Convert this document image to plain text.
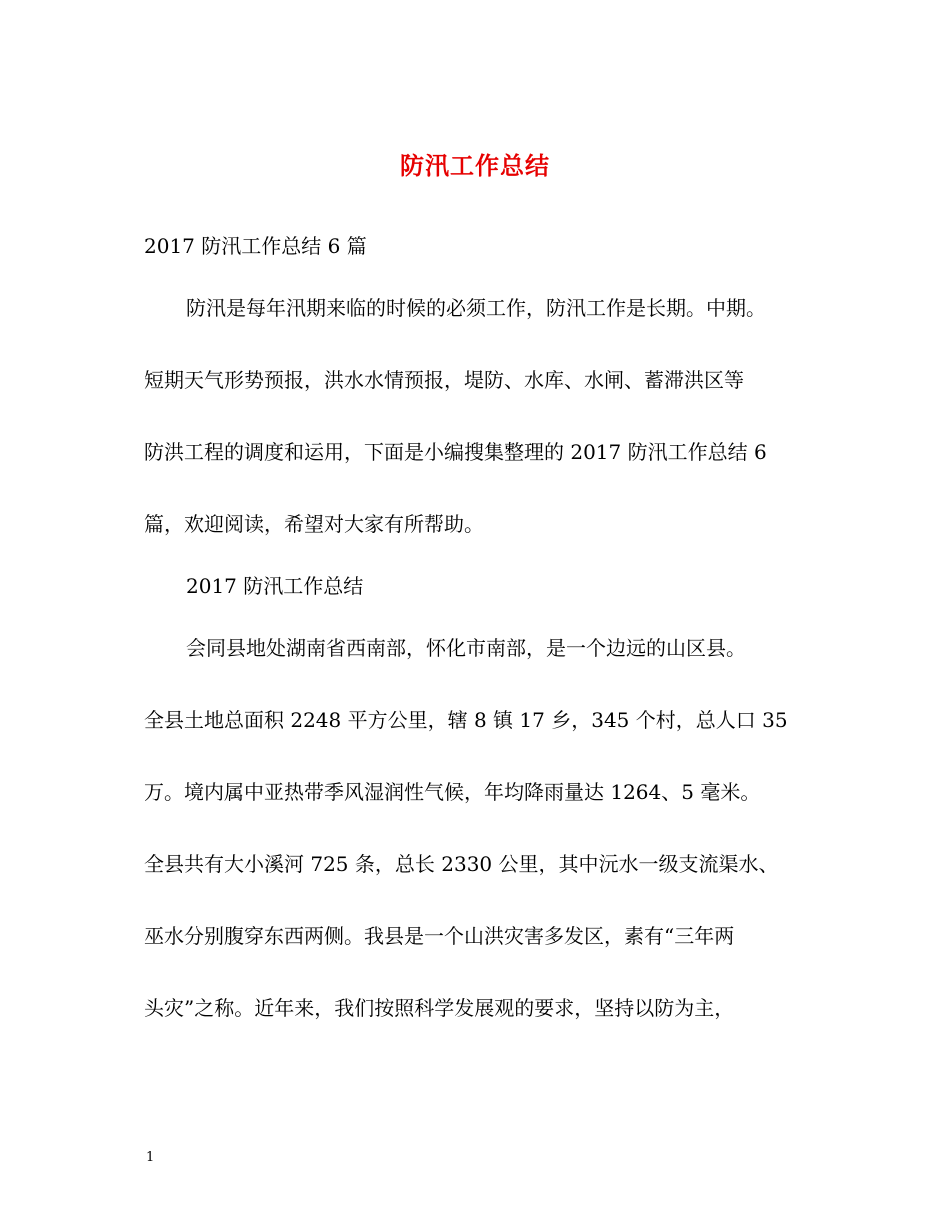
防汛工作总结
2017 防汛工作总结 6 篇
防汛是每年汛期来临的时候的必须工作，防汛工作是长期。中期。
短期天气形势预报，洪水水情预报，堤防、水库、水闸、蓄滞洪区等
防洪工程的调度和运用，下面是小编搜集整理的 2017 防汛工作总结 6
篇，欢迎阅读，希望对大家有所帮助。
2017 防汛工作总结
会同县地处湖南省西南部，怀化市南部，是一个边远的山区县。
全县土地总面积 2248 平方公里，辖 8 镇 17 乡，345 个村，总人口 35
万。境内属中亚热带季风湿润性气候，年均降雨量达 1264、5 毫米。
全县共有大小溪河 725 条，总长 2330 公里，其中沅水一级支流渠水、
巫水分别腹穿东西两侧。我县是一个山洪灾害多发区，素有“三年两
头灾”之称。近年来，我们按照科学发展观的要求，坚持以防为主，
1
